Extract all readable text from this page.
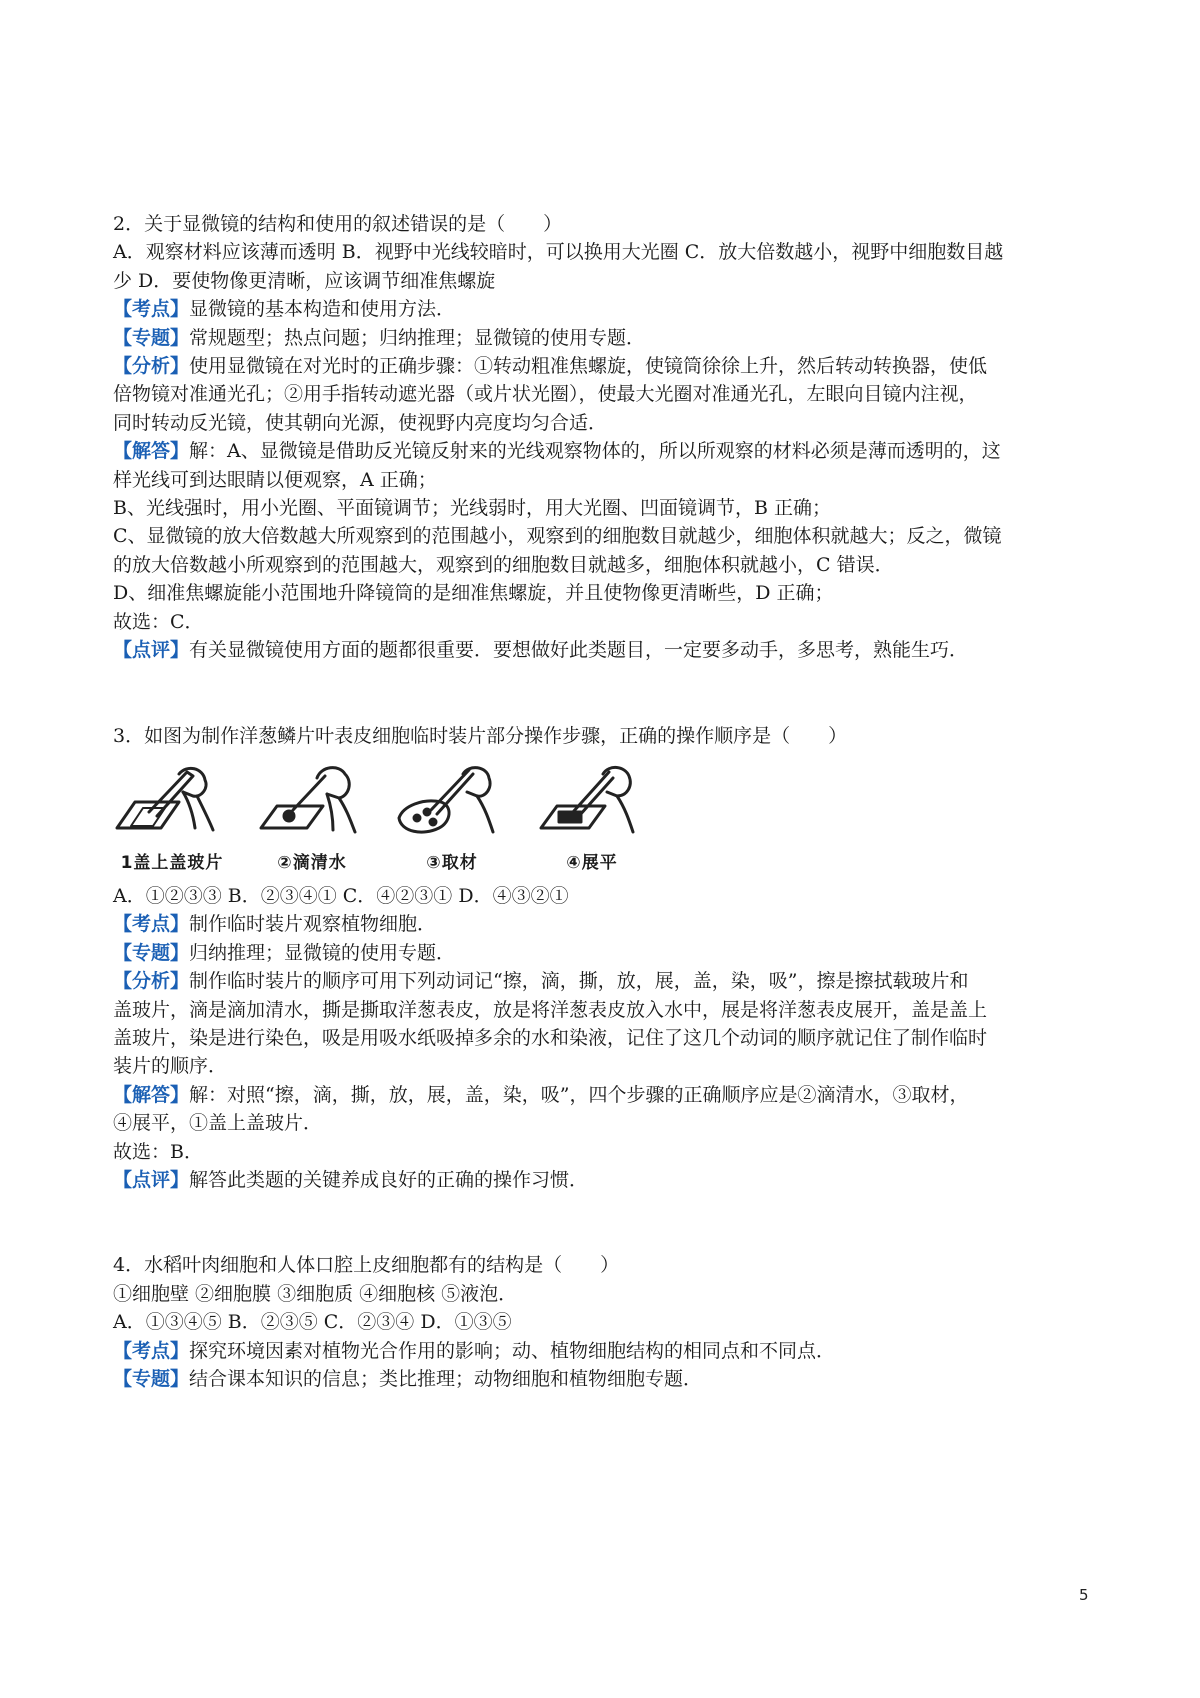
2．关于显微镜的结构和使用的叙述错误的是（　　）
A．观察材料应该薄而透明 B．视野中光线较暗时，可以换用大光圈 C．放大倍数越小，视野中细胞数目越
少 D．要使物像更清晰，应该调节细准焦螺旋
【考点】显微镜的基本构造和使用方法．
【专题】常规题型；热点问题；归纳推理；显微镜的使用专题．
【分析】使用显微镜在对光时的正确步骤：①转动粗准焦螺旋，使镜筒徐徐上升，然后转动转换器，使低
倍物镜对准通光孔；②用手指转动遮光器（或片状光圈），使最大光圈对准通光孔，左眼向目镜内注视，
同时转动反光镜，使其朝向光源，使视野内亮度均匀合适．
【解答】解：A、显微镜是借助反光镜反射来的光线观察物体的，所以所观察的材料必须是薄而透明的，这
样光线可到达眼睛以便观察，A 正确；
B、光线强时，用小光圈、平面镜调节；光线弱时，用大光圈、凹面镜调节，B 正确；
C、显微镜的放大倍数越大所观察到的范围越小，观察到的细胞数目就越少，细胞体积就越大；反之，微镜
的放大倍数越小所观察到的范围越大，观察到的细胞数目就越多，细胞体积就越小，C 错误．
D、细准焦螺旋能小范围地升降镜筒的是细准焦螺旋，并且使物像更清晰些，D 正确；
故选：C．
【点评】有关显微镜使用方面的题都很重要．要想做好此类题目，一定要多动手，多思考，熟能生巧．
3．如图为制作洋葱鳞片叶表皮细胞临时装片部分操作步骤，正确的操作顺序是（　　）
1盖上盖玻片	②滴清水	③取材	④展平
A．①②③③ B．②③④① C．④②③① D．④③②①
【考点】制作临时装片观察植物细胞．
【专题】归纳推理；显微镜的使用专题．
【分析】制作临时装片的顺序可用下列动词记“擦，滴，撕，放，展，盖，染，吸”，擦是擦拭载玻片和
盖玻片，滴是滴加清水，撕是撕取洋葱表皮，放是将洋葱表皮放入水中，展是将洋葱表皮展开，盖是盖上
盖玻片，染是进行染色，吸是用吸水纸吸掉多余的水和染液，记住了这几个动词的顺序就记住了制作临时
装片的顺序．
【解答】解：对照“擦，滴，撕，放，展，盖，染，吸”，四个步骤的正确顺序应是②滴清水，③取材，
④展平，①盖上盖玻片．
故选：B．
【点评】解答此类题的关键养成良好的正确的操作习惯．
4．水稻叶肉细胞和人体口腔上皮细胞都有的结构是（　　）
①细胞壁 ②细胞膜 ③细胞质 ④细胞核 ⑤液泡．
A．①③④⑤ B．②③⑤ C．②③④ D．①③⑤
【考点】探究环境因素对植物光合作用的影响；动、植物细胞结构的相同点和不同点．
【专题】结合课本知识的信息；类比推理；动物细胞和植物细胞专题．
5
